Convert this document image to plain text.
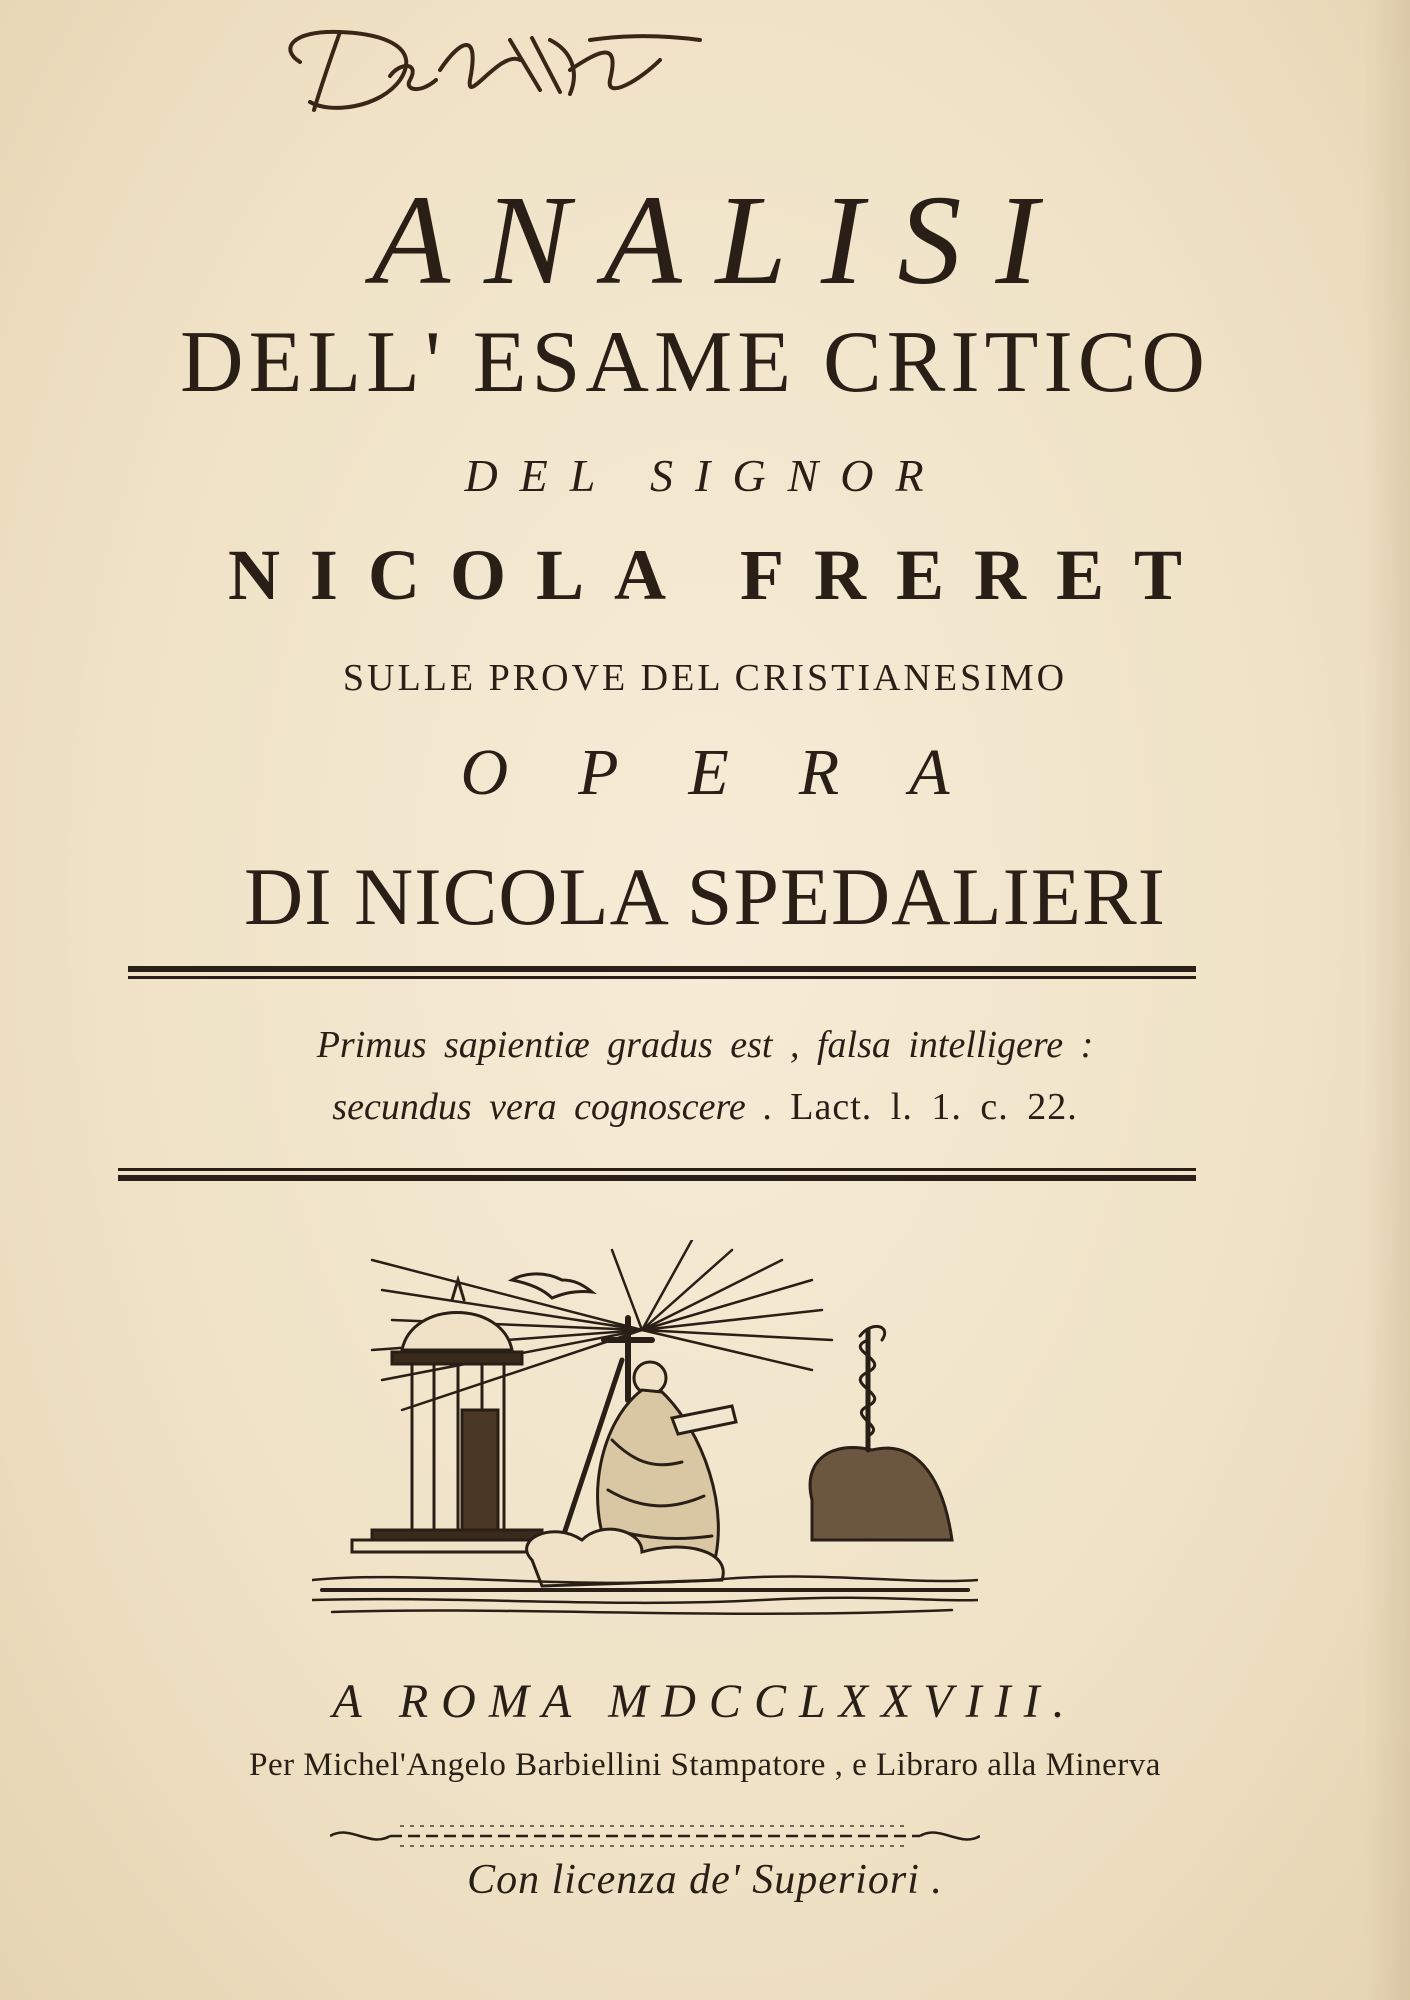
ANALISI
DELL' ESAME CRITICO
DEL SIGNOR
NICOLA FRERET
SULLE PROVE DEL CRISTIANESIMO
OPERA
DI NICOLA SPEDALIERI
Primus sapientiæ gradus est , falsa intelligere :
secundus vera cognoscere . Lact. l. 1. c. 22.
A ROMA MDCCLXXVIII.
Per Michel'Angelo Barbiellini Stampatore , e Libraro alla Minerva
Con licenza de' Superiori .
